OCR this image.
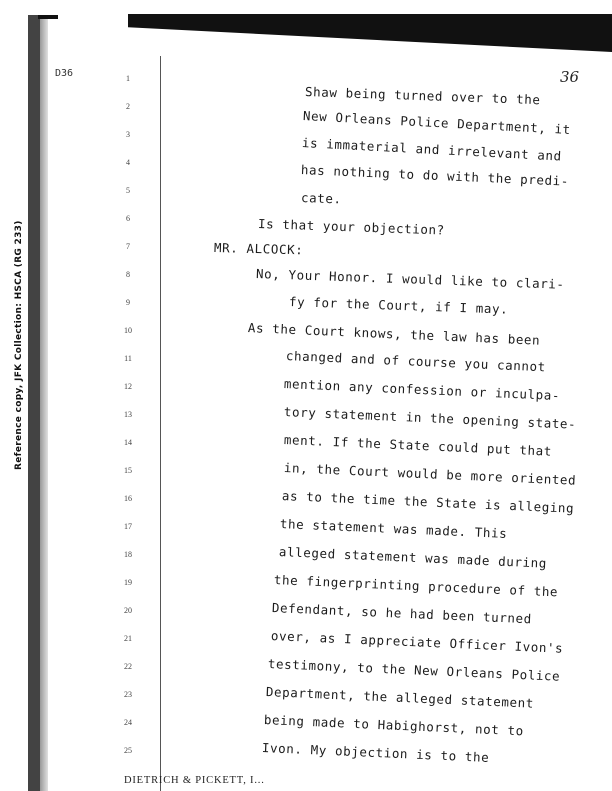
Reference copy, JFK Collection: HSCA (RG 233)
D36	36
1
2
3
4
5
6
7
8
9
10
11
12
13
14
15
16
17
18
19
20
21
22
23
24
25
Shaw being turned over to the
New Orleans Police Department, it
is immaterial and irrelevant and
has nothing to do with the predi-
cate.
Is that your objection?
MR. ALCOCK:
No, Your Honor. I would like to clari-
fy for the Court, if I may.
As the Court knows, the law has been
changed and of course you cannot
mention any confession or inculpa-
tory statement in the opening state-
ment. If the State could put that
in, the Court would be more oriented
as to the time the State is alleging
the statement was made. This
alleged statement was made during
the fingerprinting procedure of the
Defendant, so he had been turned
over, as I appreciate Officer Ivon's
testimony, to the New Orleans Police
Department, the alleged statement
being made to Habighorst, not to
Ivon. My objection is to the
DIETRICH & PICKETT, I...
